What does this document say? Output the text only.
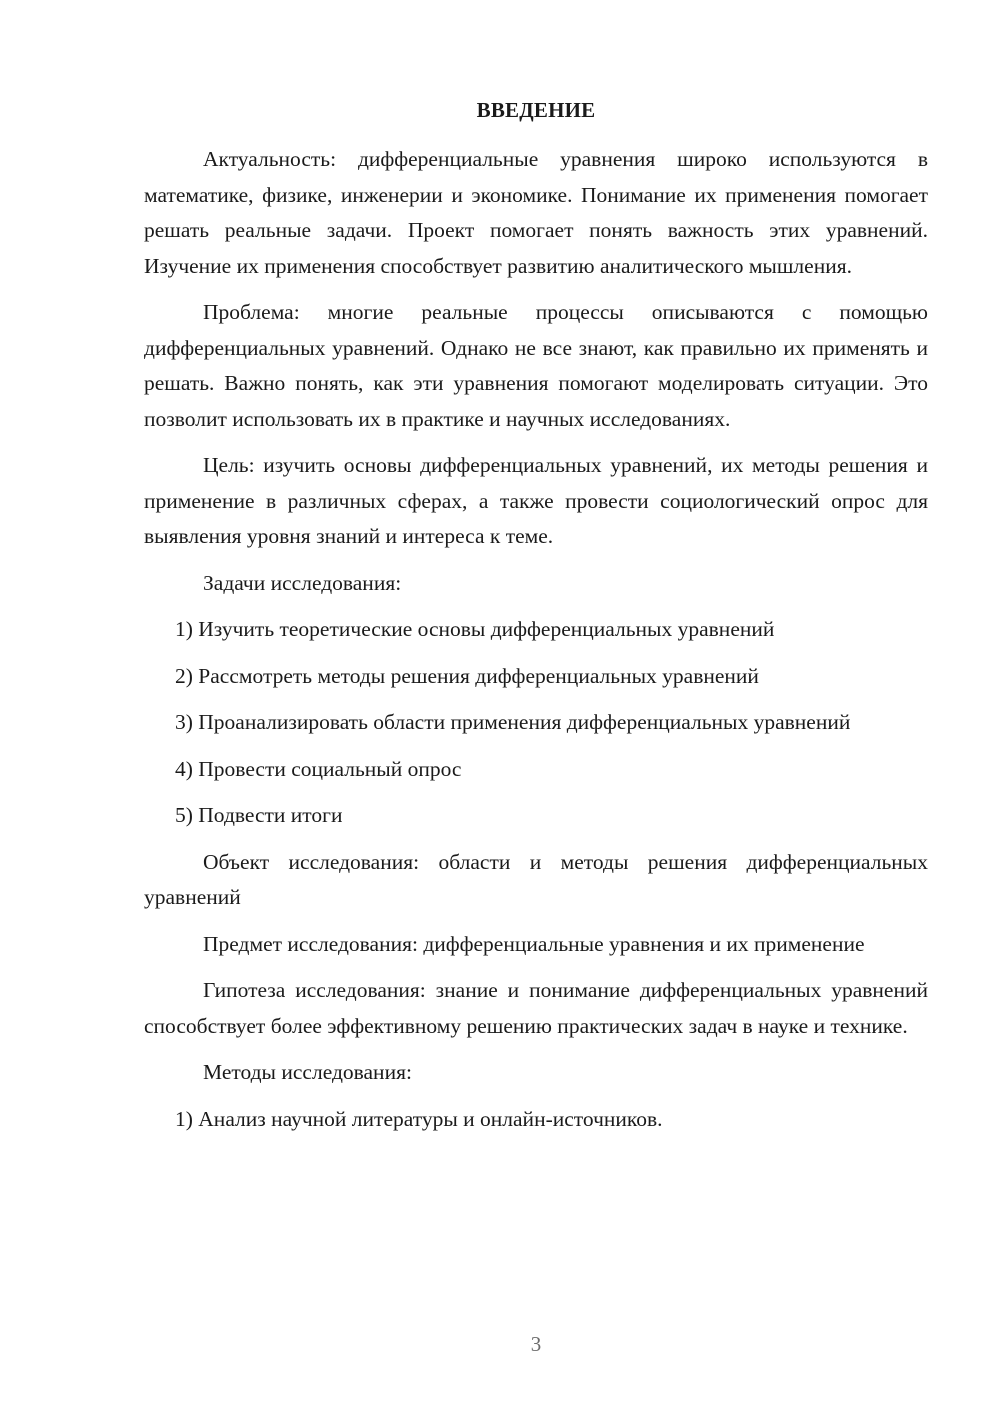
ВВЕДЕНИЕ

Актуальность: дифференциальные уравнения широко используются в математике, физике, инженерии и экономике. Понимание их применения помогает решать реальные задачи. Проект помогает понять важность этих уравнений. Изучение их применения способствует развитию аналитического мышления.

Проблема: многие реальные процессы описываются с помощью дифференциальных уравнений. Однако не все знают, как правильно их применять и решать. Важно понять, как эти уравнения помогают моделировать ситуации. Это позволит использовать их в практике и научных исследованиях.

Цель: изучить основы дифференциальных уравнений, их методы решения и применение в различных сферах, а также провести социологический опрос для выявления уровня знаний и интереса к теме.

Задачи исследования:

1) Изучить теоретические основы дифференциальных уравнений

2) Рассмотреть методы решения дифференциальных уравнений

3) Проанализировать области применения дифференциальных уравнений

4) Провести социальный опрос

5) Подвести итоги

Объект исследования: области и методы решения дифференциальных уравнений

Предмет исследования: дифференциальные уравнения и их применение

Гипотеза исследования: знание и понимание дифференциальных уравнений способствует более эффективному решению практических задач в науке и технике.

Методы исследования:

1) Анализ научной литературы и онлайн-источников.

3
